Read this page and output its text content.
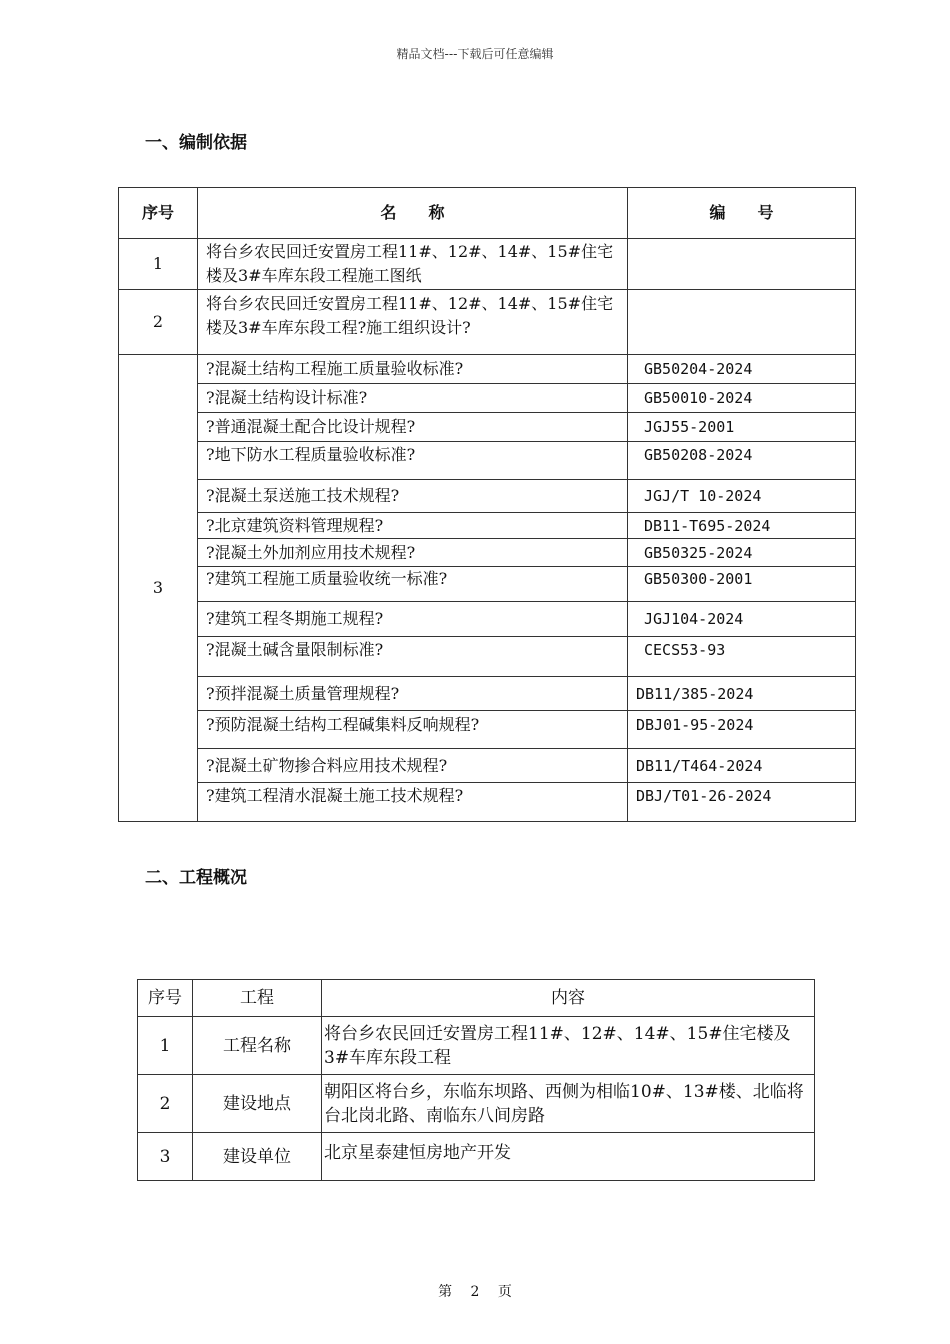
精品文档---下载后可任意编辑
一、编制依据
序号	名　　称	编　　号
1	将台乡农民回迁安置房工程11#、12#、14#、15#住宅楼及3#车库东段工程施工图纸	
2	将台乡农民回迁安置房工程11#、12#、14#、15#住宅楼及3#车库东段工程?施工组织设计?	
3	?混凝土结构工程施工质量验收标准?	GB50204-2024
	?混凝土结构设计标准?	GB50010-2024
	?普通混凝土配合比设计规程?	JGJ55-2001
	?地下防水工程质量验收标准?	GB50208-2024
	?混凝土泵送施工技术规程?	JGJ/T 10-2024
	?北京建筑资料管理规程?	DB11-T695-2024
	?混凝土外加剂应用技术规程?	GB50325-2024
	?建筑工程施工质量验收统一标准?	GB50300-2001
	?建筑工程冬期施工规程?	JGJ104-2024
	?混凝土碱含量限制标准?	CECS53-93
	?预拌混凝土质量管理规程?	DB11/385-2024
	?预防混凝土结构工程碱集料反响规程?	DBJ01-95-2024
	?混凝土矿物掺合料应用技术规程?	DB11/T464-2024
	?建筑工程清水混凝土施工技术规程?	DBJ/T01-26-2024
二、工程概况
序号	工程	内容
1	工程名称	将台乡农民回迁安置房工程11#、12#、14#、15#住宅楼及3#车库东段工程
2	建设地点	朝阳区将台乡，东临东坝路、西侧为相临10#、13#楼、北临将台北岗北路、南临东八间房路
3	建设单位	北京星泰建恒房地产开发
第 2 页
